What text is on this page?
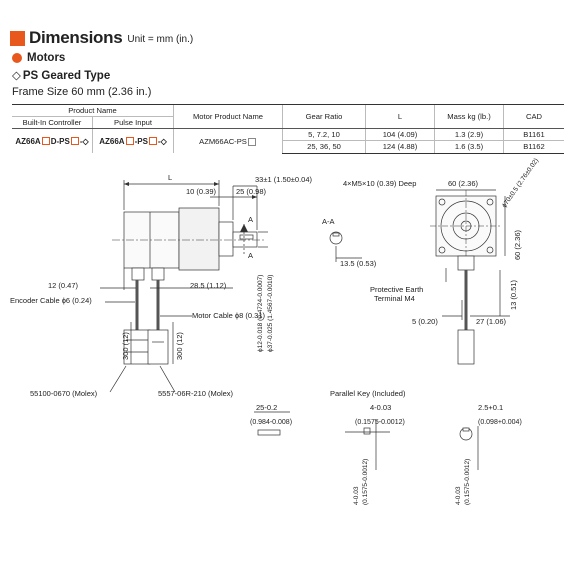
Dimensions Unit = mm (in.)
Motors
◇ PS Geared Type
Frame Size 60 mm (2.36 in.)
Product Name		Motor Product Name	Gear Ratio	L	Mass kg (lb.)	CAD
Built-In Controller	Pulse Input					
AZ66A D-PS -◇	AZ66A -PS -◇	AZM66AC-PS	5, 7.2, 10	104 (4.09)	1.3 (2.9)	B1161
			25, 36, 50	124 (4.88)	1.6 (3.5)	B1162
L	33±1 (1.50±0.04)
10 (0.39)	25 (0.98)
A
A
A-A
13.5 (0.53)
12 (0.47)	28.5 (1.12)
Encoder Cable ϕ6 (0.24)
Motor Cable ϕ8 (0.31)
ϕ12-0.018 (0.4724-0.0007) ϕ37-0.025 (1.4567-0.0010)
300 (12)	300 (12)
55100-0670 (Molex)	5557-06R-210 (Molex)
4×M5×10 (0.39) Deep	60 (2.36)	ϕ70±0.5 (2.76±0.02)
60 (2.36)
Protective Earth
Terminal M4	13 (0.51)
5 (0.20)	27 (1.06)
Parallel Key (Included)
25-0.2
(0.984-0.008)
4-0.03
(0.1575-0.0012)
2.5+0.1
(0.098+0.004)
4-0.03 (0.1575-0.0012)	4-0.03 (0.1575-0.0012)
